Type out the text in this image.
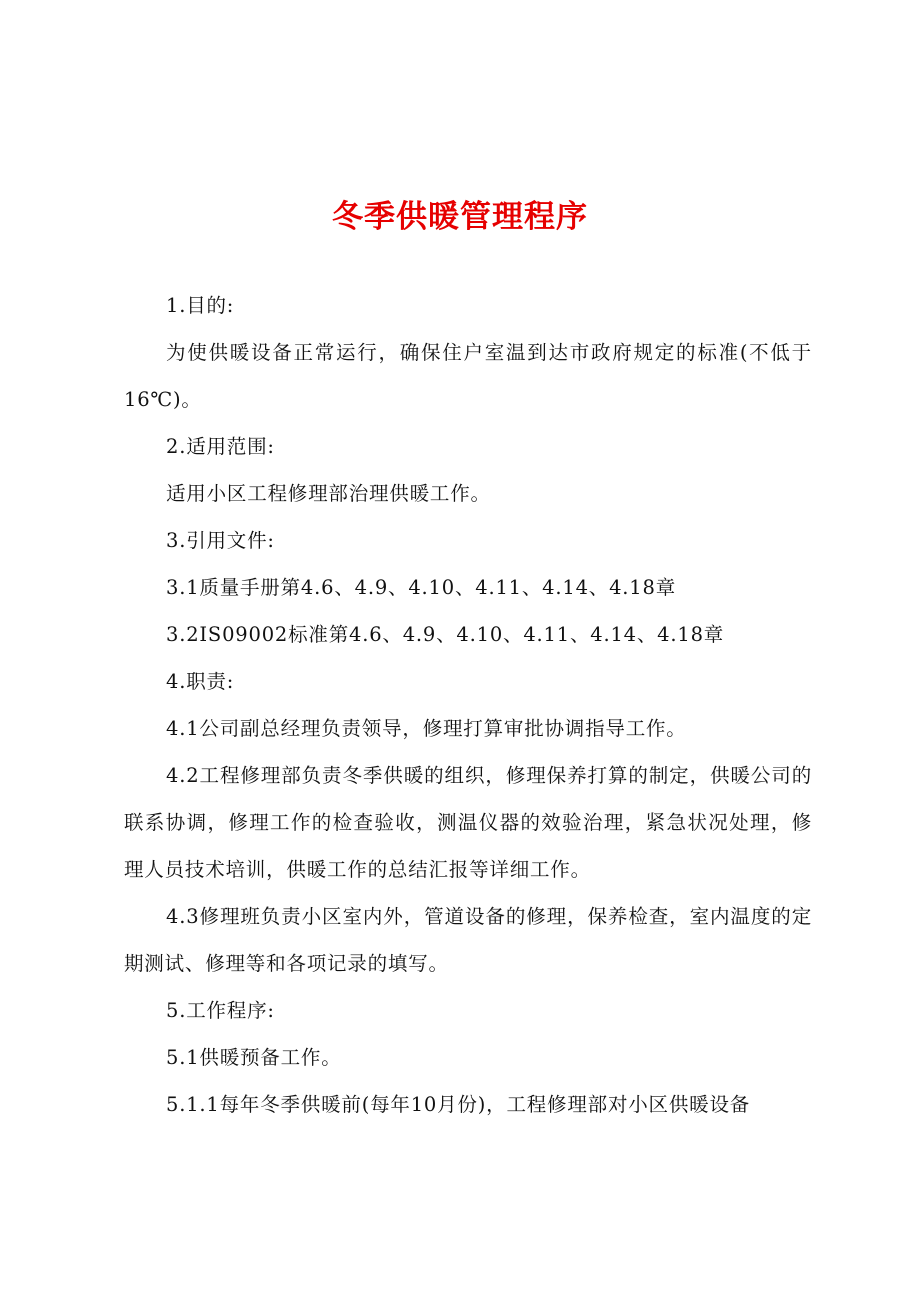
冬季供暖管理程序

1.目的:

为使供暖设备正常运行，确保住户室温到达市政府规定的标准(不低于16℃)。

2.适用范围:

适用小区工程修理部治理供暖工作。

3.引用文件:

3.1质量手册第4.6、4.9、4.10、4.11、4.14、4.18章

3.2IS09002标准第4.6、4.9、4.10、4.11、4.14、4.18章

4.职责:

4.1公司副总经理负责领导，修理打算审批协调指导工作。

4.2工程修理部负责冬季供暖的组织，修理保养打算的制定，供暖公司的联系协调，修理工作的检查验收，测温仪器的效验治理，紧急状况处理，修理人员技术培训，供暖工作的总结汇报等详细工作。

4.3修理班负责小区室内外，管道设备的修理，保养检查，室内温度的定期测试、修理等和各项记录的填写。

5.工作程序:

5.1供暖预备工作。

5.1.1每年冬季供暖前(每年10月份)，工程修理部对小区供暖设备
